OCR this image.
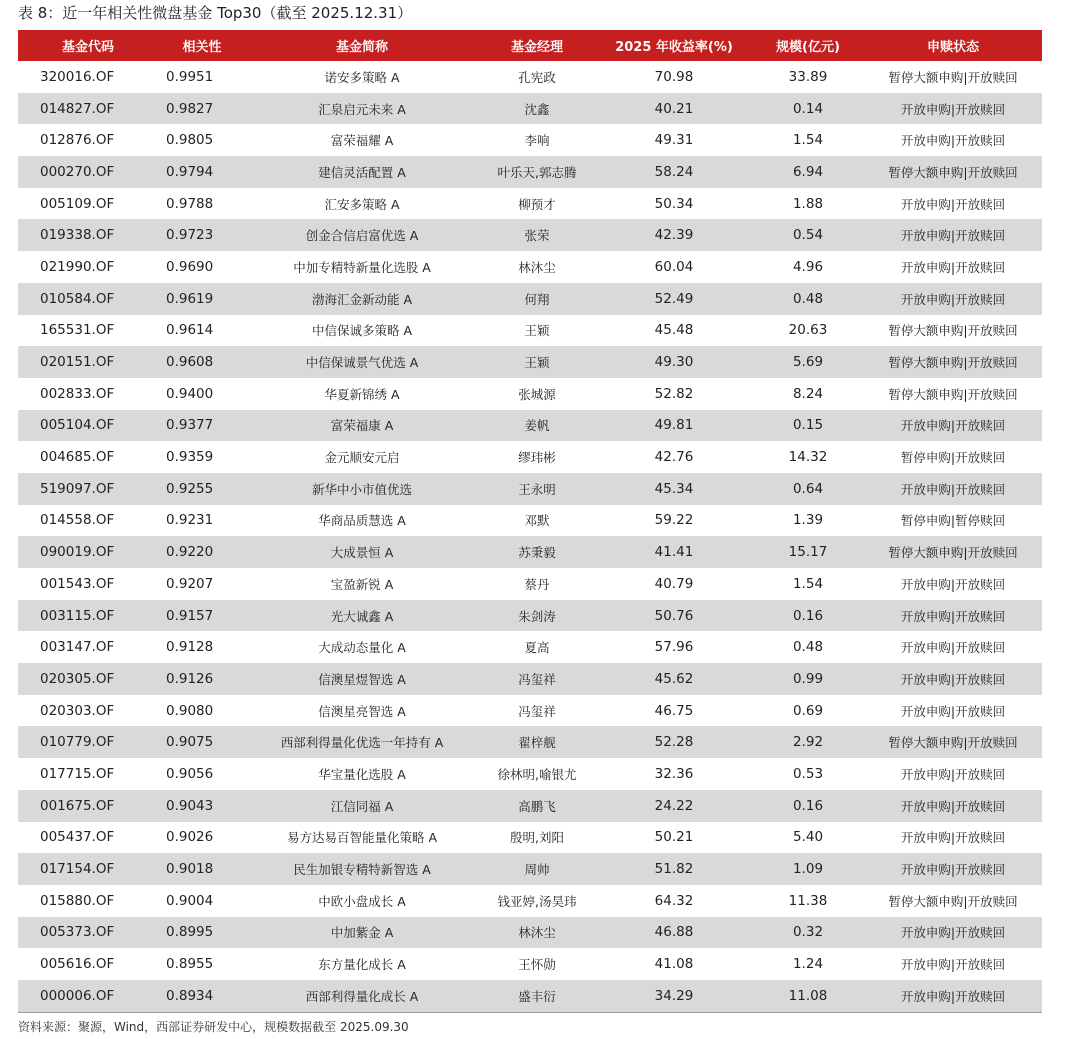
表 8：近一年相关性微盘基金 Top30（截至 2025.12.31）
基金代码	相关性	基金简称	基金经理	2025 年收益率(%)	规模(亿元)	申赎状态
320016.OF	0.9951	诺安多策略 A	孔宪政	70.98	33.89	暂停大额申购|开放赎回
014827.OF	0.9827	汇泉启元未来 A	沈鑫	40.21	0.14	开放申购|开放赎回
012876.OF	0.9805	富荣福耀 A	李响	49.31	1.54	开放申购|开放赎回
000270.OF	0.9794	建信灵活配置 A	叶乐天,郭志腾	58.24	6.94	暂停大额申购|开放赎回
005109.OF	0.9788	汇安多策略 A	柳预才	50.34	1.88	开放申购|开放赎回
019338.OF	0.9723	创金合信启富优选 A	张荣	42.39	0.54	开放申购|开放赎回
021990.OF	0.9690	中加专精特新量化选股 A	林沐尘	60.04	4.96	开放申购|开放赎回
010584.OF	0.9619	渤海汇金新动能 A	何翔	52.49	0.48	开放申购|开放赎回
165531.OF	0.9614	中信保诚多策略 A	王颖	45.48	20.63	暂停大额申购|开放赎回
020151.OF	0.9608	中信保诚景气优选 A	王颖	49.30	5.69	暂停大额申购|开放赎回
002833.OF	0.9400	华夏新锦绣 A	张城源	52.82	8.24	暂停大额申购|开放赎回
005104.OF	0.9377	富荣福康 A	姜帆	49.81	0.15	开放申购|开放赎回
004685.OF	0.9359	金元顺安元启	缪玮彬	42.76	14.32	暂停申购|开放赎回
519097.OF	0.9255	新华中小市值优选	王永明	45.34	0.64	开放申购|开放赎回
014558.OF	0.9231	华商品质慧选 A	邓默	59.22	1.39	暂停申购|暂停赎回
090019.OF	0.9220	大成景恒 A	苏秉毅	41.41	15.17	暂停大额申购|开放赎回
001543.OF	0.9207	宝盈新锐 A	蔡丹	40.79	1.54	开放申购|开放赎回
003115.OF	0.9157	光大诚鑫 A	朱剑涛	50.76	0.16	开放申购|开放赎回
003147.OF	0.9128	大成动态量化 A	夏高	57.96	0.48	开放申购|开放赎回
020305.OF	0.9126	信澳星煜智选 A	冯玺祥	45.62	0.99	开放申购|开放赎回
020303.OF	0.9080	信澳星亮智选 A	冯玺祥	46.75	0.69	开放申购|开放赎回
010779.OF	0.9075	西部利得量化优选一年持有 A	翟梓舰	52.28	2.92	暂停大额申购|开放赎回
017715.OF	0.9056	华宝量化选股 A	徐林明,喻银尤	32.36	0.53	开放申购|开放赎回
001675.OF	0.9043	江信同福 A	高鹏飞	24.22	0.16	开放申购|开放赎回
005437.OF	0.9026	易方达易百智能量化策略 A	殷明,刘阳	50.21	5.40	开放申购|开放赎回
017154.OF	0.9018	民生加银专精特新智选 A	周帅	51.82	1.09	开放申购|开放赎回
015880.OF	0.9004	中欧小盘成长 A	钱亚婷,汤昊玮	64.32	11.38	暂停大额申购|开放赎回
005373.OF	0.8995	中加紫金 A	林沐尘	46.88	0.32	开放申购|开放赎回
005616.OF	0.8955	东方量化成长 A	王怀勋	41.08	1.24	开放申购|开放赎回
000006.OF	0.8934	西部利得量化成长 A	盛丰衍	34.29	11.08	开放申购|开放赎回
资料来源：聚源，Wind，西部证券研发中心，规模数据截至 2025.09.30
